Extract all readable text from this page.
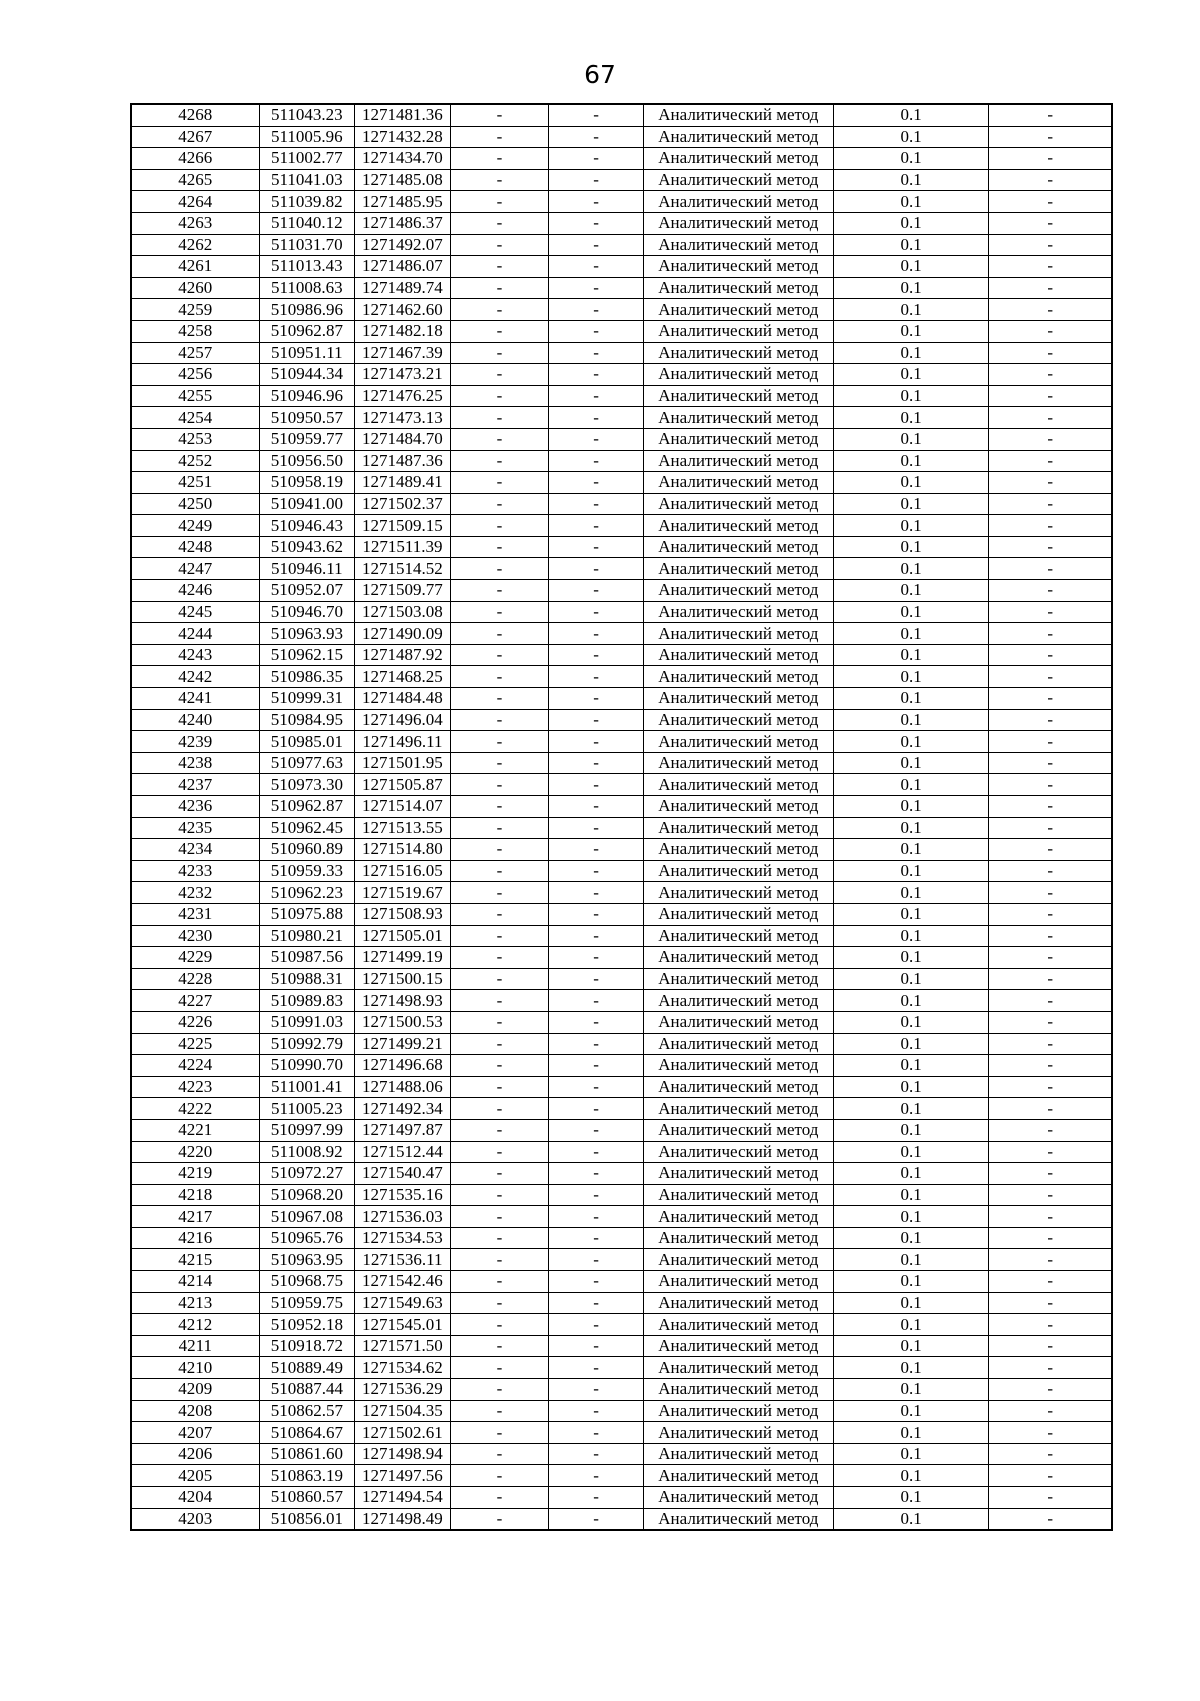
67
4268	511043.23	1271481.36	-	-	Аналитический метод	0.1	-
4267	511005.96	1271432.28	-	-	Аналитический метод	0.1	-
4266	511002.77	1271434.70	-	-	Аналитический метод	0.1	-
4265	511041.03	1271485.08	-	-	Аналитический метод	0.1	-
4264	511039.82	1271485.95	-	-	Аналитический метод	0.1	-
4263	511040.12	1271486.37	-	-	Аналитический метод	0.1	-
4262	511031.70	1271492.07	-	-	Аналитический метод	0.1	-
4261	511013.43	1271486.07	-	-	Аналитический метод	0.1	-
4260	511008.63	1271489.74	-	-	Аналитический метод	0.1	-
4259	510986.96	1271462.60	-	-	Аналитический метод	0.1	-
4258	510962.87	1271482.18	-	-	Аналитический метод	0.1	-
4257	510951.11	1271467.39	-	-	Аналитический метод	0.1	-
4256	510944.34	1271473.21	-	-	Аналитический метод	0.1	-
4255	510946.96	1271476.25	-	-	Аналитический метод	0.1	-
4254	510950.57	1271473.13	-	-	Аналитический метод	0.1	-
4253	510959.77	1271484.70	-	-	Аналитический метод	0.1	-
4252	510956.50	1271487.36	-	-	Аналитический метод	0.1	-
4251	510958.19	1271489.41	-	-	Аналитический метод	0.1	-
4250	510941.00	1271502.37	-	-	Аналитический метод	0.1	-
4249	510946.43	1271509.15	-	-	Аналитический метод	0.1	-
4248	510943.62	1271511.39	-	-	Аналитический метод	0.1	-
4247	510946.11	1271514.52	-	-	Аналитический метод	0.1	-
4246	510952.07	1271509.77	-	-	Аналитический метод	0.1	-
4245	510946.70	1271503.08	-	-	Аналитический метод	0.1	-
4244	510963.93	1271490.09	-	-	Аналитический метод	0.1	-
4243	510962.15	1271487.92	-	-	Аналитический метод	0.1	-
4242	510986.35	1271468.25	-	-	Аналитический метод	0.1	-
4241	510999.31	1271484.48	-	-	Аналитический метод	0.1	-
4240	510984.95	1271496.04	-	-	Аналитический метод	0.1	-
4239	510985.01	1271496.11	-	-	Аналитический метод	0.1	-
4238	510977.63	1271501.95	-	-	Аналитический метод	0.1	-
4237	510973.30	1271505.87	-	-	Аналитический метод	0.1	-
4236	510962.87	1271514.07	-	-	Аналитический метод	0.1	-
4235	510962.45	1271513.55	-	-	Аналитический метод	0.1	-
4234	510960.89	1271514.80	-	-	Аналитический метод	0.1	-
4233	510959.33	1271516.05	-	-	Аналитический метод	0.1	-
4232	510962.23	1271519.67	-	-	Аналитический метод	0.1	-
4231	510975.88	1271508.93	-	-	Аналитический метод	0.1	-
4230	510980.21	1271505.01	-	-	Аналитический метод	0.1	-
4229	510987.56	1271499.19	-	-	Аналитический метод	0.1	-
4228	510988.31	1271500.15	-	-	Аналитический метод	0.1	-
4227	510989.83	1271498.93	-	-	Аналитический метод	0.1	-
4226	510991.03	1271500.53	-	-	Аналитический метод	0.1	-
4225	510992.79	1271499.21	-	-	Аналитический метод	0.1	-
4224	510990.70	1271496.68	-	-	Аналитический метод	0.1	-
4223	511001.41	1271488.06	-	-	Аналитический метод	0.1	-
4222	511005.23	1271492.34	-	-	Аналитический метод	0.1	-
4221	510997.99	1271497.87	-	-	Аналитический метод	0.1	-
4220	511008.92	1271512.44	-	-	Аналитический метод	0.1	-
4219	510972.27	1271540.47	-	-	Аналитический метод	0.1	-
4218	510968.20	1271535.16	-	-	Аналитический метод	0.1	-
4217	510967.08	1271536.03	-	-	Аналитический метод	0.1	-
4216	510965.76	1271534.53	-	-	Аналитический метод	0.1	-
4215	510963.95	1271536.11	-	-	Аналитический метод	0.1	-
4214	510968.75	1271542.46	-	-	Аналитический метод	0.1	-
4213	510959.75	1271549.63	-	-	Аналитический метод	0.1	-
4212	510952.18	1271545.01	-	-	Аналитический метод	0.1	-
4211	510918.72	1271571.50	-	-	Аналитический метод	0.1	-
4210	510889.49	1271534.62	-	-	Аналитический метод	0.1	-
4209	510887.44	1271536.29	-	-	Аналитический метод	0.1	-
4208	510862.57	1271504.35	-	-	Аналитический метод	0.1	-
4207	510864.67	1271502.61	-	-	Аналитический метод	0.1	-
4206	510861.60	1271498.94	-	-	Аналитический метод	0.1	-
4205	510863.19	1271497.56	-	-	Аналитический метод	0.1	-
4204	510860.57	1271494.54	-	-	Аналитический метод	0.1	-
4203	510856.01	1271498.49	-	-	Аналитический метод	0.1	-
